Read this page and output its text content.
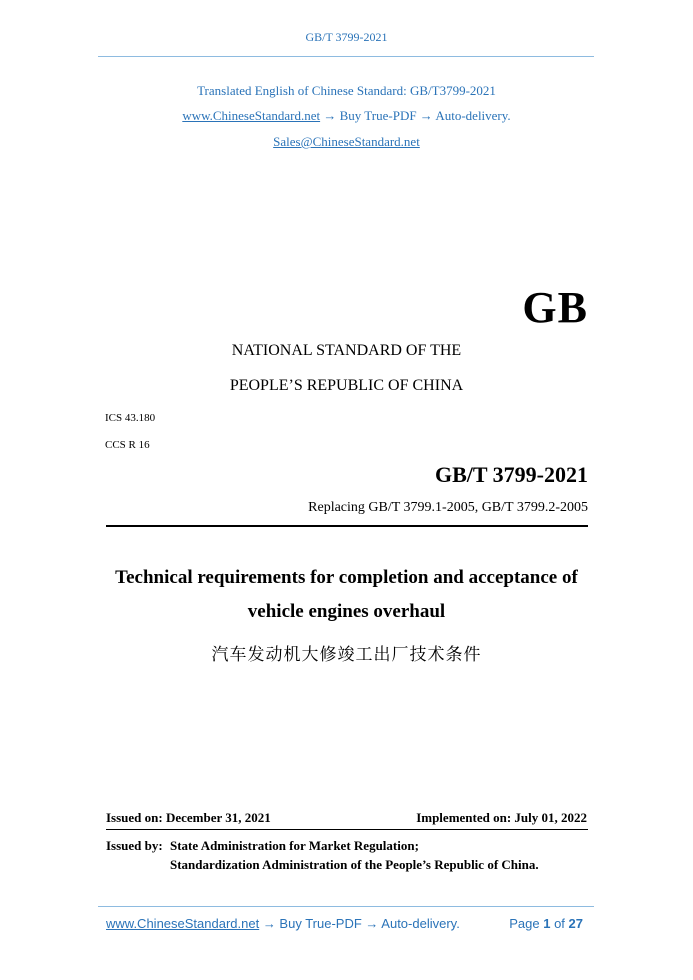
GB/T 3799-2021
Translated English of Chinese Standard: GB/T3799-2021
www.ChineseStandard.net → Buy True-PDF → Auto-delivery.
Sales@ChineseStandard.net
GB
NATIONAL STANDARD OF THE
PEOPLE’S REPUBLIC OF CHINA
ICS 43.180
CCS R 16
GB/T 3799-2021
Replacing GB/T 3799.1-2005, GB/T 3799.2-2005
Technical requirements for completion and acceptance of
vehicle engines overhaul
汽车发动机大修竣工出厂技术条件
Issued on: December 31, 2021	Implemented on: July 01, 2022
Issued by: State Administration for Market Regulation;
Standardization Administration of the People’s Republic of China.
www.ChineseStandard.net → Buy True-PDF → Auto-delivery.	Page 1 of 27
